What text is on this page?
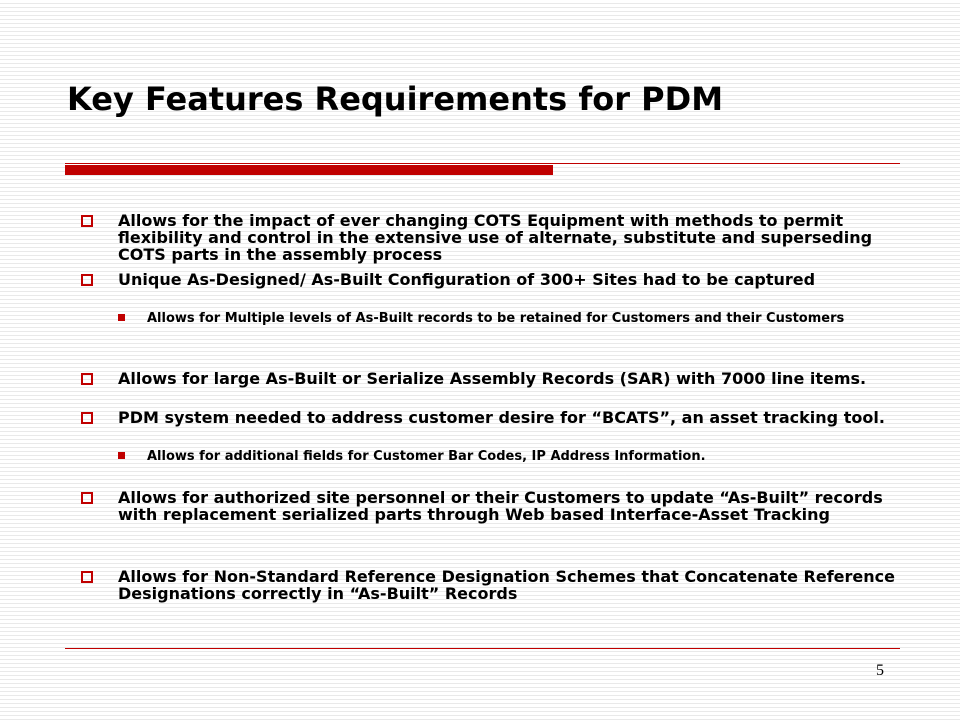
Key Features Requirements for PDM
Allows for the impact of ever changing COTS Equipment with methods to permit flexibility and control in the extensive use of alternate, substitute and superseding COTS parts in the assembly process
Unique As-Designed/ As-Built Configuration of 300+ Sites had to be captured
Allows for Multiple levels of As-Built records to be retained for Customers and their Customers
Allows for large As-Built or Serialize Assembly Records (SAR) with 7000 line items.
PDM system needed to address customer desire for “BCATS”, an asset tracking tool.
Allows for additional fields for Customer Bar Codes, IP Address Information.
Allows for authorized site personnel or their Customers to update “As-Built” records with replacement serialized parts through Web based Interface-Asset Tracking
Allows for Non-Standard Reference Designation Schemes that Concatenate Reference Designations correctly in “As-Built” Records
5
